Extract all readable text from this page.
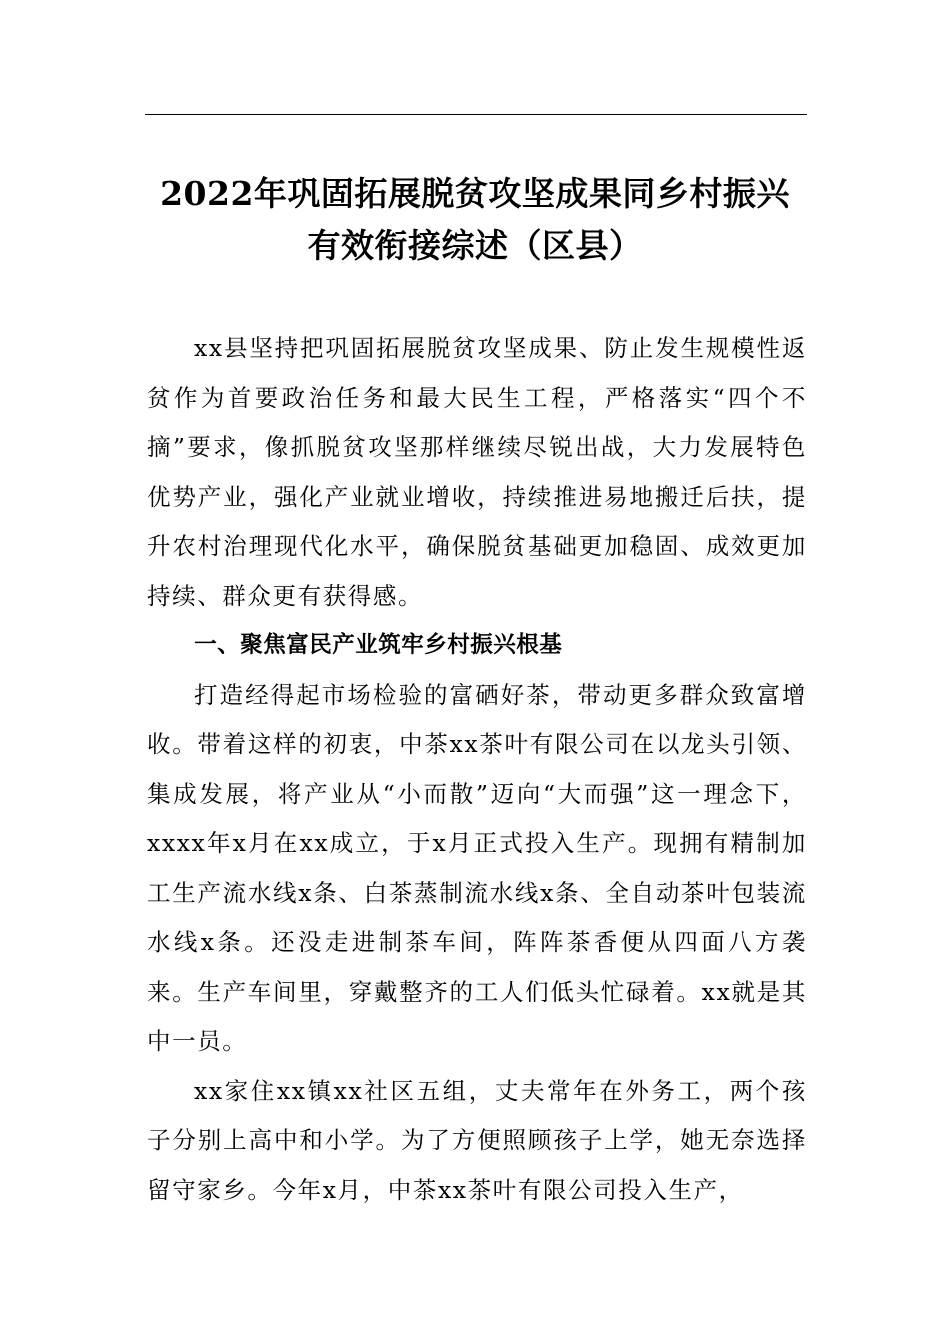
2022年巩固拓展脱贫攻坚成果同乡村振兴
有效衔接综述（区县）

xx县坚持把巩固拓展脱贫攻坚成果、防止发生规模性返贫作为首要政治任务和最大民生工程，严格落实“四个不摘”要求，像抓脱贫攻坚那样继续尽锐出战，大力发展特色优势产业，强化产业就业增收，持续推进易地搬迁后扶，提升农村治理现代化水平，确保脱贫基础更加稳固、成效更加持续、群众更有获得感。

一、聚焦富民产业筑牢乡村振兴根基

打造经得起市场检验的富硒好茶，带动更多群众致富增收。带着这样的初衷，中茶xx茶叶有限公司在以龙头引领、集成发展，将产业从“小而散”迈向“大而强”这一理念下，xxxx年x月在xx成立，于x月正式投入生产。现拥有精制加工生产流水线x条、白茶蒸制流水线x条、全自动茶叶包装流水线x条。还没走进制茶车间，阵阵茶香便从四面八方袭来。生产车间里，穿戴整齐的工人们低头忙碌着。xx就是其中一员。

xx家住xx镇xx社区五组，丈夫常年在外务工，两个孩子分别上高中和小学。为了方便照顾孩子上学，她无奈选择留守家乡。今年x月，中茶xx茶叶有限公司投入生产，
